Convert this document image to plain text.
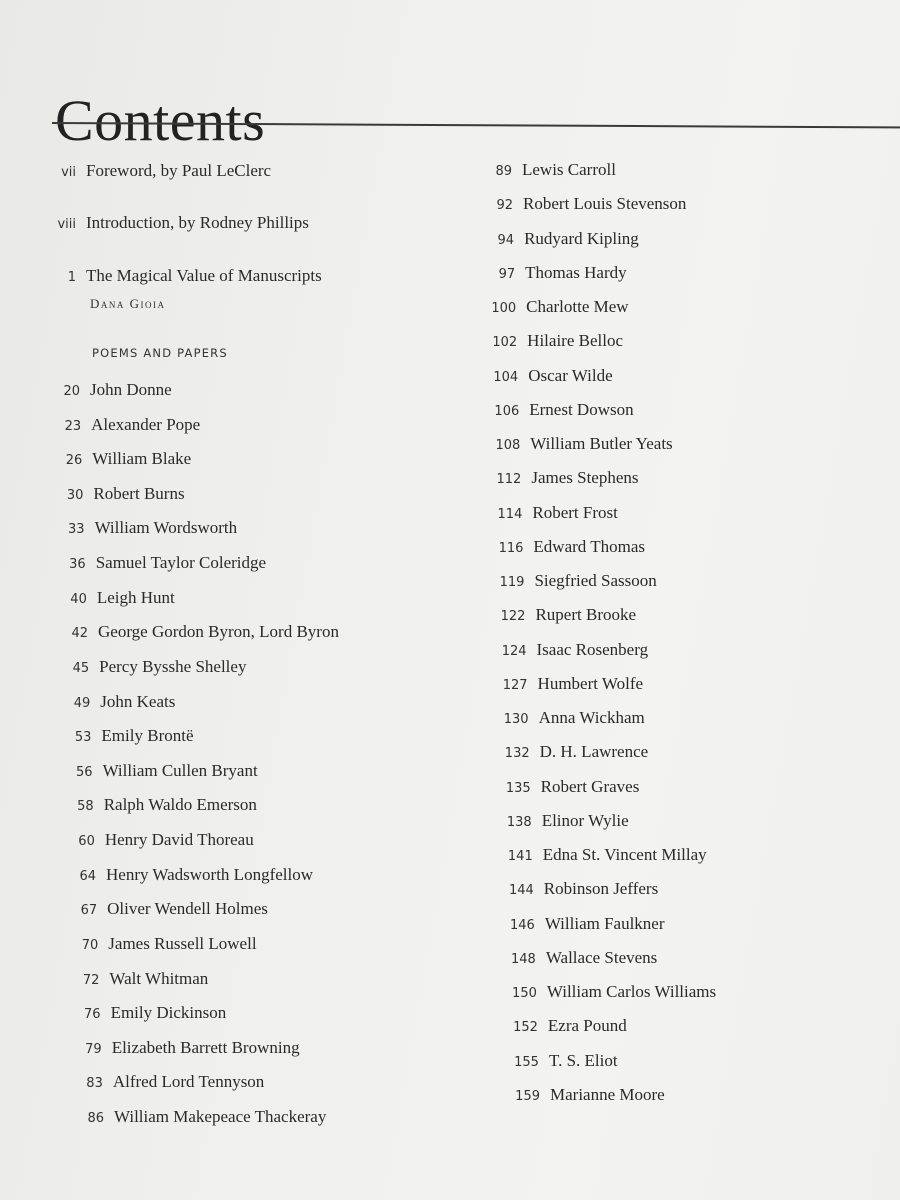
Contents
vii Foreword, by Paul LeClerc
viii Introduction, by Rodney Phillips
1 The Magical Value of Manuscripts
Dana Gioia
POEMS AND PAPERS
20 John Donne
23 Alexander Pope
26 William Blake
30 Robert Burns
33 William Wordsworth
36 Samuel Taylor Coleridge
40 Leigh Hunt
42 George Gordon Byron, Lord Byron
45 Percy Bysshe Shelley
49 John Keats
53 Emily Brontë
56 William Cullen Bryant
58 Ralph Waldo Emerson
60 Henry David Thoreau
64 Henry Wadsworth Longfellow
67 Oliver Wendell Holmes
70 James Russell Lowell
72 Walt Whitman
76 Emily Dickinson
79 Elizabeth Barrett Browning
83 Alfred Lord Tennyson
86 William Makepeace Thackeray
89 Lewis Carroll
92 Robert Louis Stevenson
94 Rudyard Kipling
97 Thomas Hardy
100 Charlotte Mew
102 Hilaire Belloc
104 Oscar Wilde
106 Ernest Dowson
108 William Butler Yeats
112 James Stephens
114 Robert Frost
116 Edward Thomas
119 Siegfried Sassoon
122 Rupert Brooke
124 Isaac Rosenberg
127 Humbert Wolfe
130 Anna Wickham
132 D. H. Lawrence
135 Robert Graves
138 Elinor Wylie
141 Edna St. Vincent Millay
144 Robinson Jeffers
146 William Faulkner
148 Wallace Stevens
150 William Carlos Williams
152 Ezra Pound
155 T. S. Eliot
159 Marianne Moore
